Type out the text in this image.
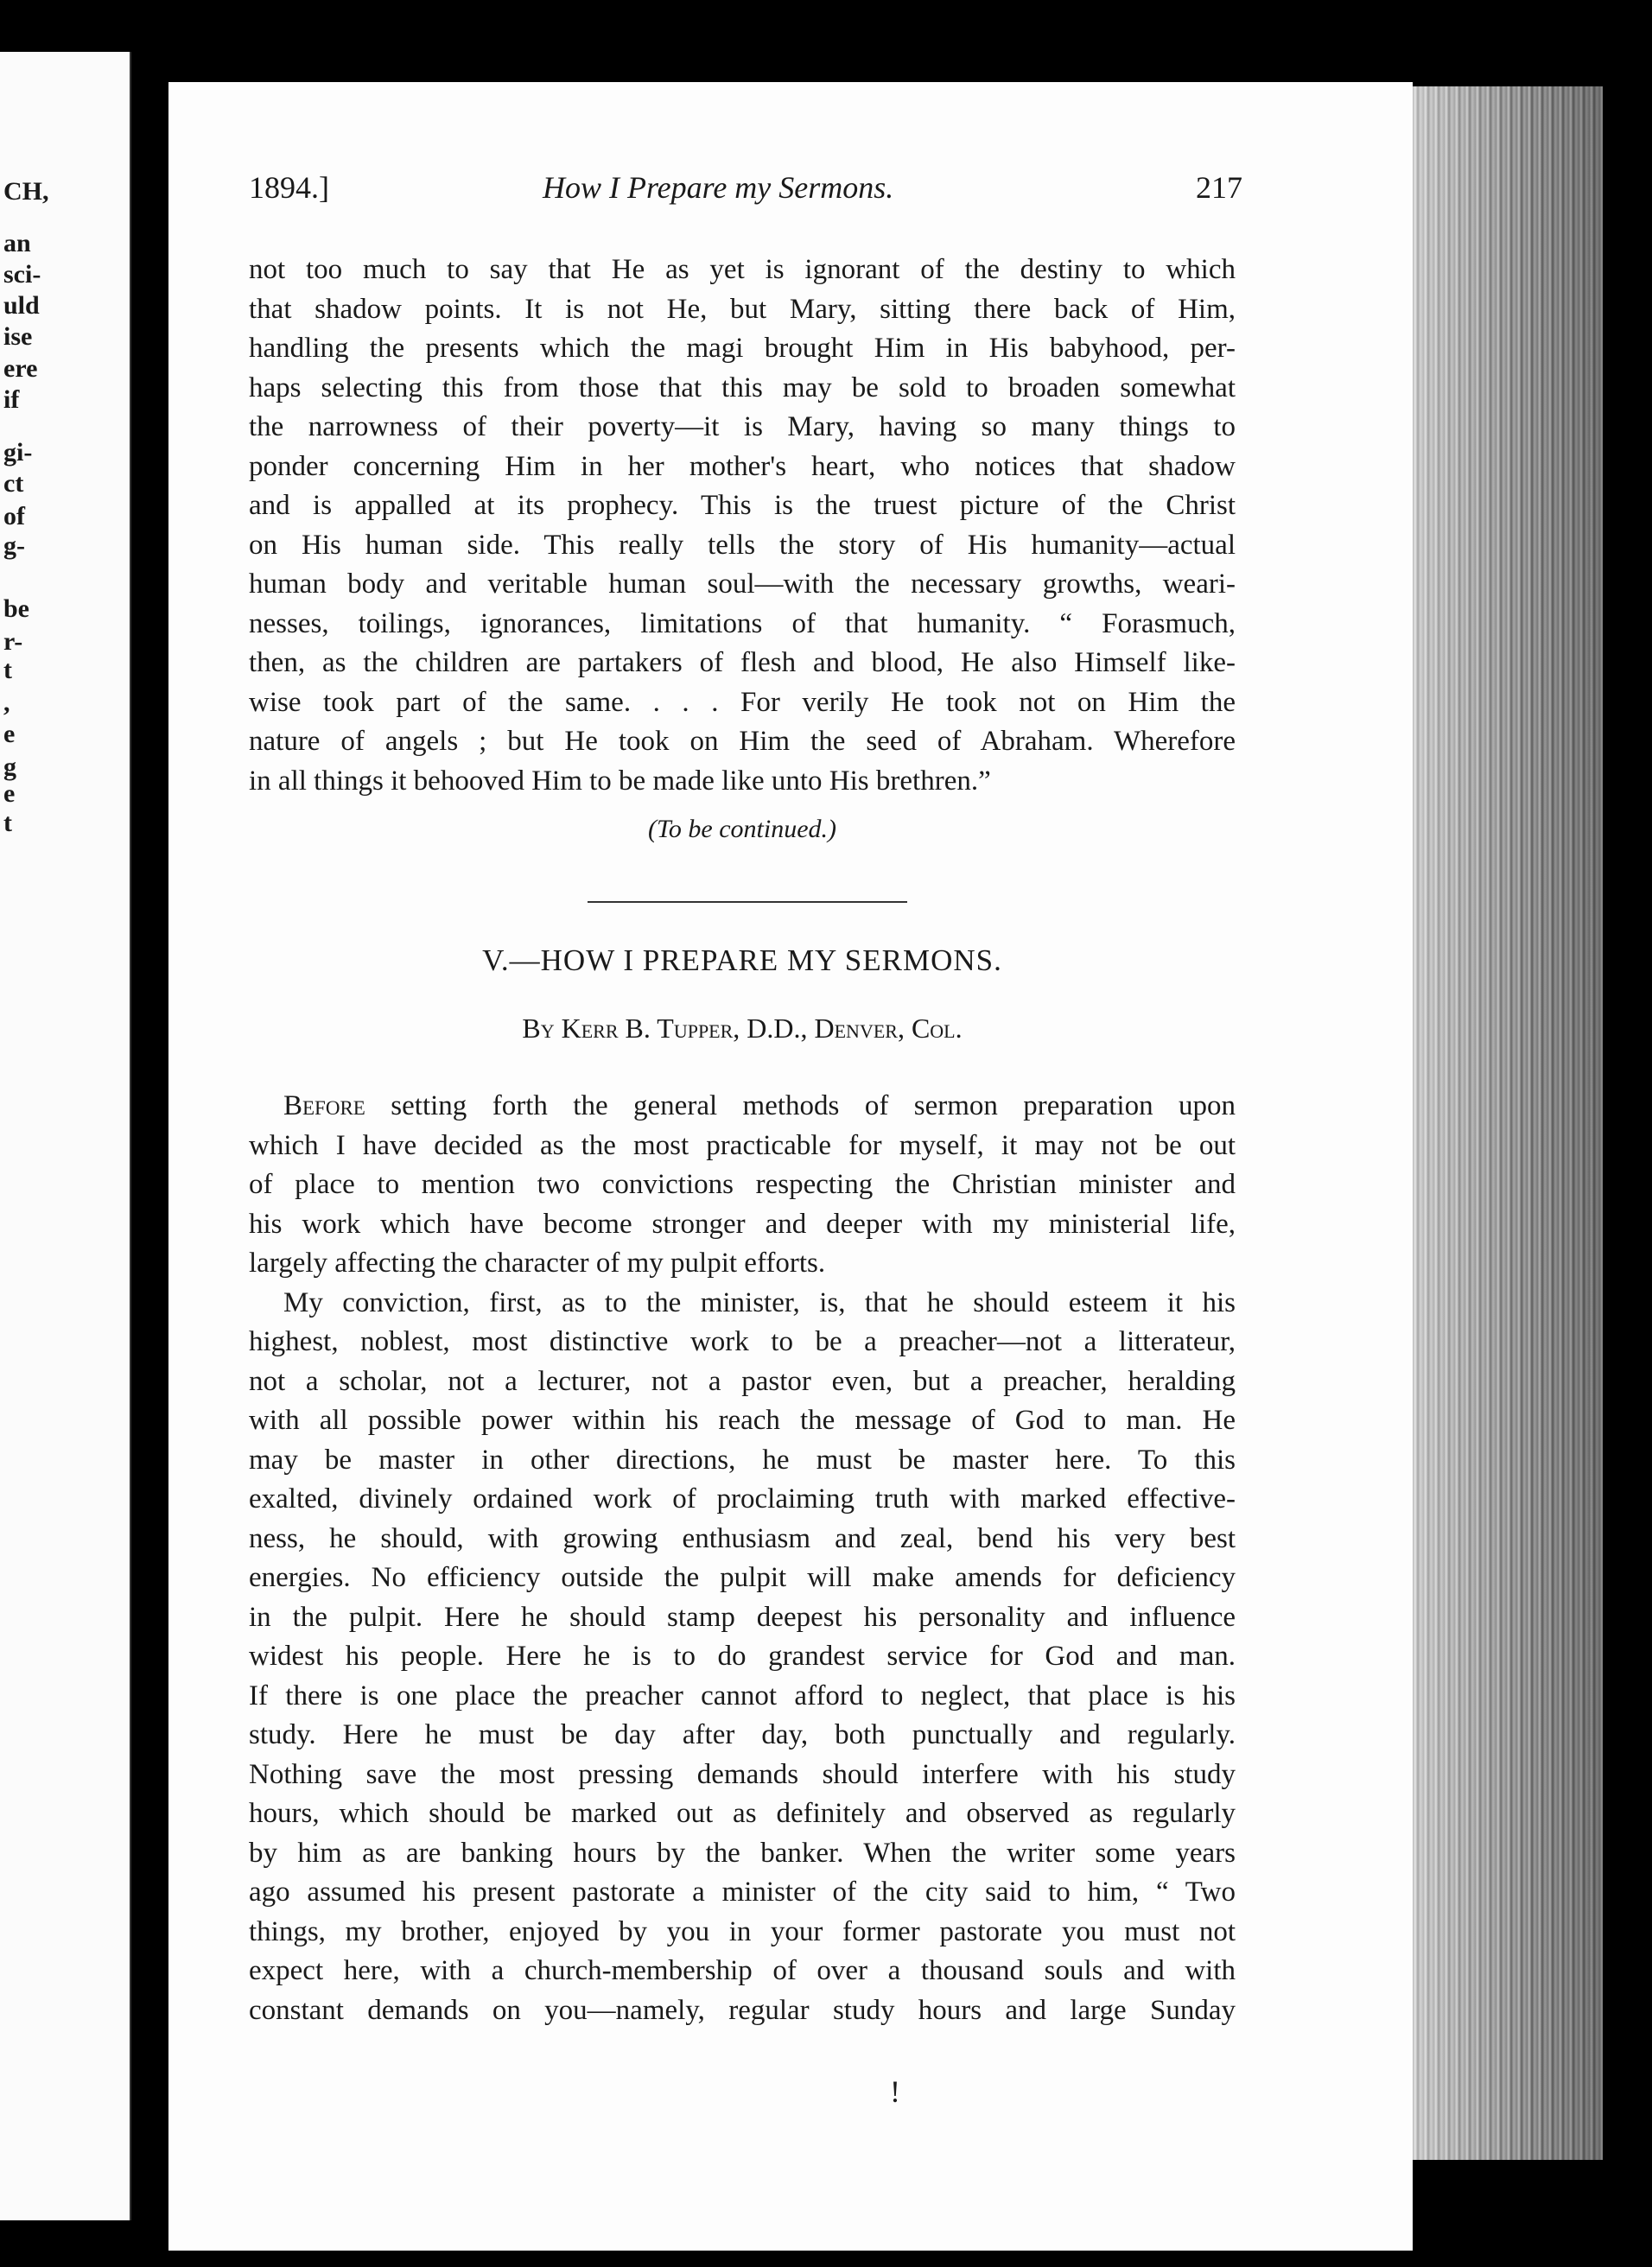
CH,
an
sci-
uld
ise
ere
if
gi-
ct
of
g-
be
r-
t
,
e
g
e
t
1894.]	How I Prepare my Sermons.	217
not too much to say that He as yet is ignorant of the destiny to which
that shadow points. It is not He, but Mary, sitting there back of Him,
handling the presents which the magi brought Him in His babyhood, per-
haps selecting this from those that this may be sold to broaden somewhat
the narrowness of their poverty—it is Mary, having so many things to
ponder concerning Him in her mother's heart, who notices that shadow
and is appalled at its prophecy. This is the truest picture of the Christ
on His human side. This really tells the story of His humanity—actual
human body and veritable human soul—with the necessary growths, weari-
nesses, toilings, ignorances, limitations of that humanity. “ Forasmuch,
then, as the children are partakers of flesh and blood, He also Himself like-
wise took part of the same. . . . For verily He took not on Him the
nature of angels ; but He took on Him the seed of Abraham. Wherefore
in all things it behooved Him to be made like unto His brethren.”
(To be continued.)
V.—HOW I PREPARE MY SERMONS.
By Kerr B. Tupper, D.D., Denver, Col.
Before setting forth the general methods of sermon preparation upon
which I have decided as the most practicable for myself, it may not be out
of place to mention two convictions respecting the Christian minister and
his work which have become stronger and deeper with my ministerial life,
largely affecting the character of my pulpit efforts.
My conviction, first, as to the minister, is, that he should esteem it his
highest, noblest, most distinctive work to be a preacher—not a litterateur,
not a scholar, not a lecturer, not a pastor even, but a preacher, heralding
with all possible power within his reach the message of God to man. He
may be master in other directions, he must be master here. To this
exalted, divinely ordained work of proclaiming truth with marked effective-
ness, he should, with growing enthusiasm and zeal, bend his very best
energies. No efficiency outside the pulpit will make amends for deficiency
in the pulpit. Here he should stamp deepest his personality and influence
widest his people. Here he is to do grandest service for God and man.
If there is one place the preacher cannot afford to neglect, that place is his
study. Here he must be day after day, both punctually and regularly.
Nothing save the most pressing demands should interfere with his study
hours, which should be marked out as definitely and observed as regularly
by him as are banking hours by the banker. When the writer some years
ago assumed his present pastorate a minister of the city said to him, “ Two
things, my brother, enjoyed by you in your former pastorate you must not
expect here, with a church-membership of over a thousand souls and with
constant demands on you—namely, regular study hours and large Sunday
!
